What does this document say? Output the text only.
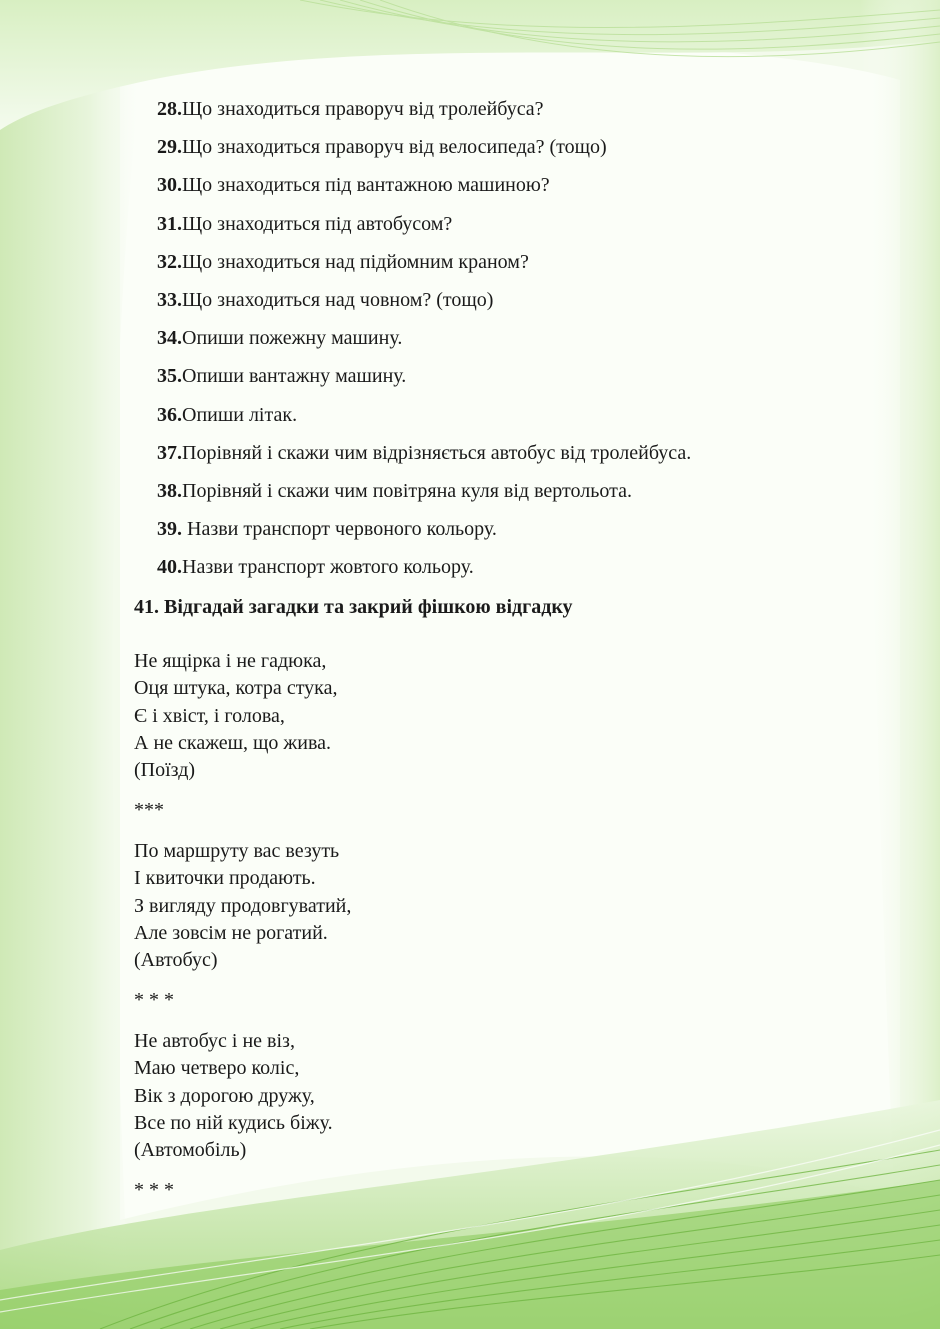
28.Що знаходиться праворуч від тролейбуса?
29.Що знаходиться праворуч від велосипеда? (тощо)
30.Що знаходиться під вантажною машиною?
31.Що знаходиться під автобусом?
32.Що знаходиться над підйомним краном?
33.Що знаходиться над човном? (тощо)
34.Опиши пожежну машину.
35.Опиши вантажну машину.
36.Опиши літак.
37.Порівняй і скажи чим відрізняється автобус від тролейбуса.
38.Порівняй і скажи чим повітряна куля від вертольота.
39. Назви транспорт червоного кольору.
40.Назви транспорт жовтого кольору.
41. Відгадай загадки та закрий фішкою відгадку
Не ящірка і не гадюка,
Оця штука, котра стука,
Є і хвіст, і голова,
А не скажеш, що жива.
(Поїзд)
***
По маршруту вас везуть
І квиточки продають.
З вигляду продовгуватий,
Але зовсім не рогатий.
(Автобус)
* * *
Не автобус і не віз,
Маю четверо коліс,
Вік з дорогою дружу,
Все по ній кудись біжу.
(Автомобіль)
* * *
